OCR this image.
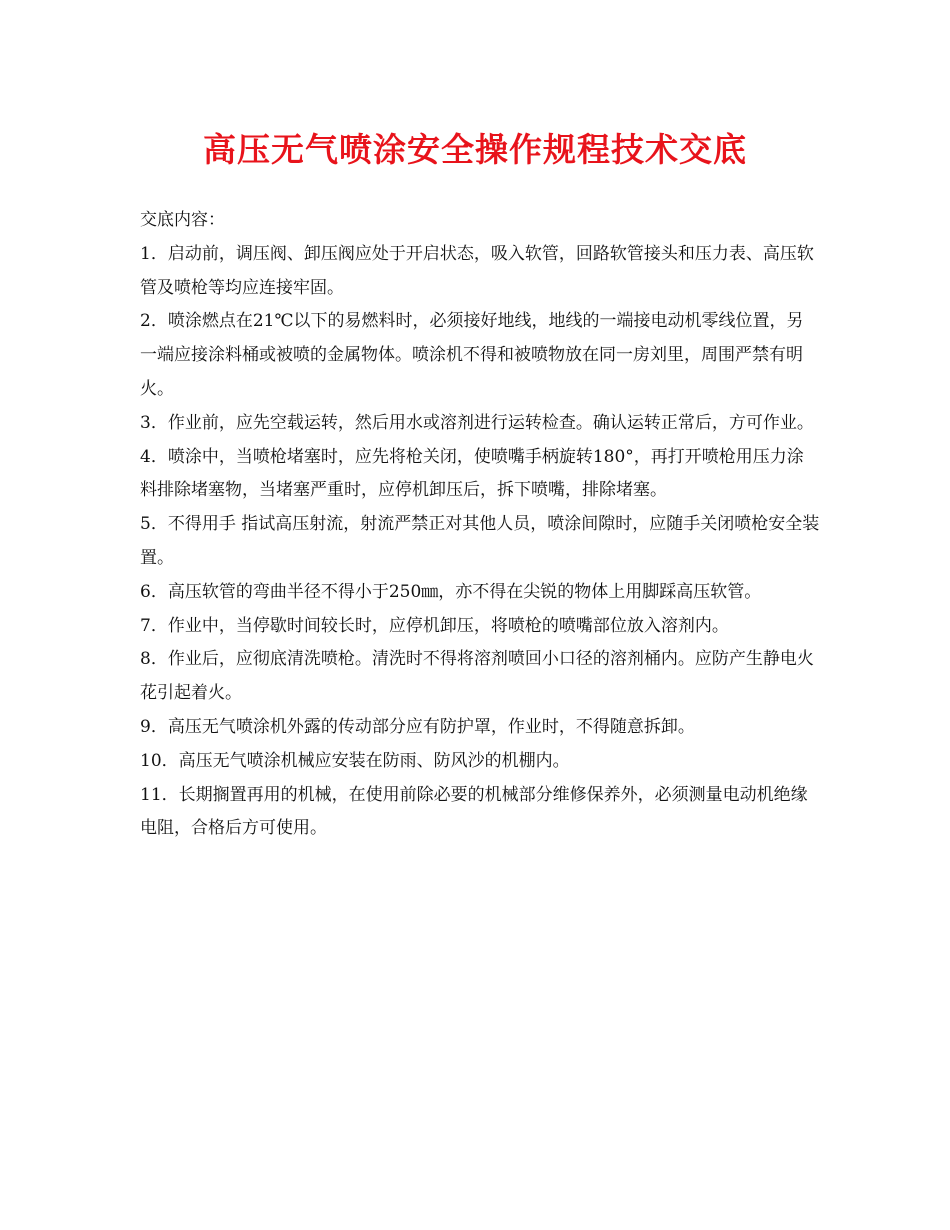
高压无气喷涂安全操作规程技术交底

交底内容：

1．启动前，调压阀、卸压阀应处于开启状态，吸入软管，回路软管接头和压力表、高压软管及喷枪等均应连接牢固。

2．喷涂燃点在21℃以下的易燃料时，必须接好地线，地线的一端接电动机零线位置，另一端应接涂料桶或被喷的金属物体。喷涂机不得和被喷物放在同一房刘里，周围严禁有明火。

3．作业前，应先空载运转，然后用水或溶剂进行运转检查。确认运转正常后，方可作业。

4．喷涂中，当喷枪堵塞时，应先将枪关闭，使喷嘴手柄旋转180°，再打开喷枪用压力涂料排除堵塞物，当堵塞严重时，应停机卸压后，拆下喷嘴，排除堵塞。

5．不得用手 指试高压射流，射流严禁正对其他人员，喷涂间隙时，应随手关闭喷枪安全装置。

6．高压软管的弯曲半径不得小于250㎜，亦不得在尖锐的物体上用脚踩高压软管。

7．作业中，当停歇时间较长时，应停机卸压，将喷枪的喷嘴部位放入溶剂内。

8．作业后，应彻底清洗喷枪。清洗时不得将溶剂喷回小口径的溶剂桶内。应防产生静电火花引起着火。

9．高压无气喷涂机外露的传动部分应有防护罩，作业时，不得随意拆卸。

10．高压无气喷涂机械应安装在防雨、防风沙的机棚内。

11．长期搁置再用的机械，在使用前除必要的机械部分维修保养外，必须测量电动机绝缘电阻，合格后方可使用。
